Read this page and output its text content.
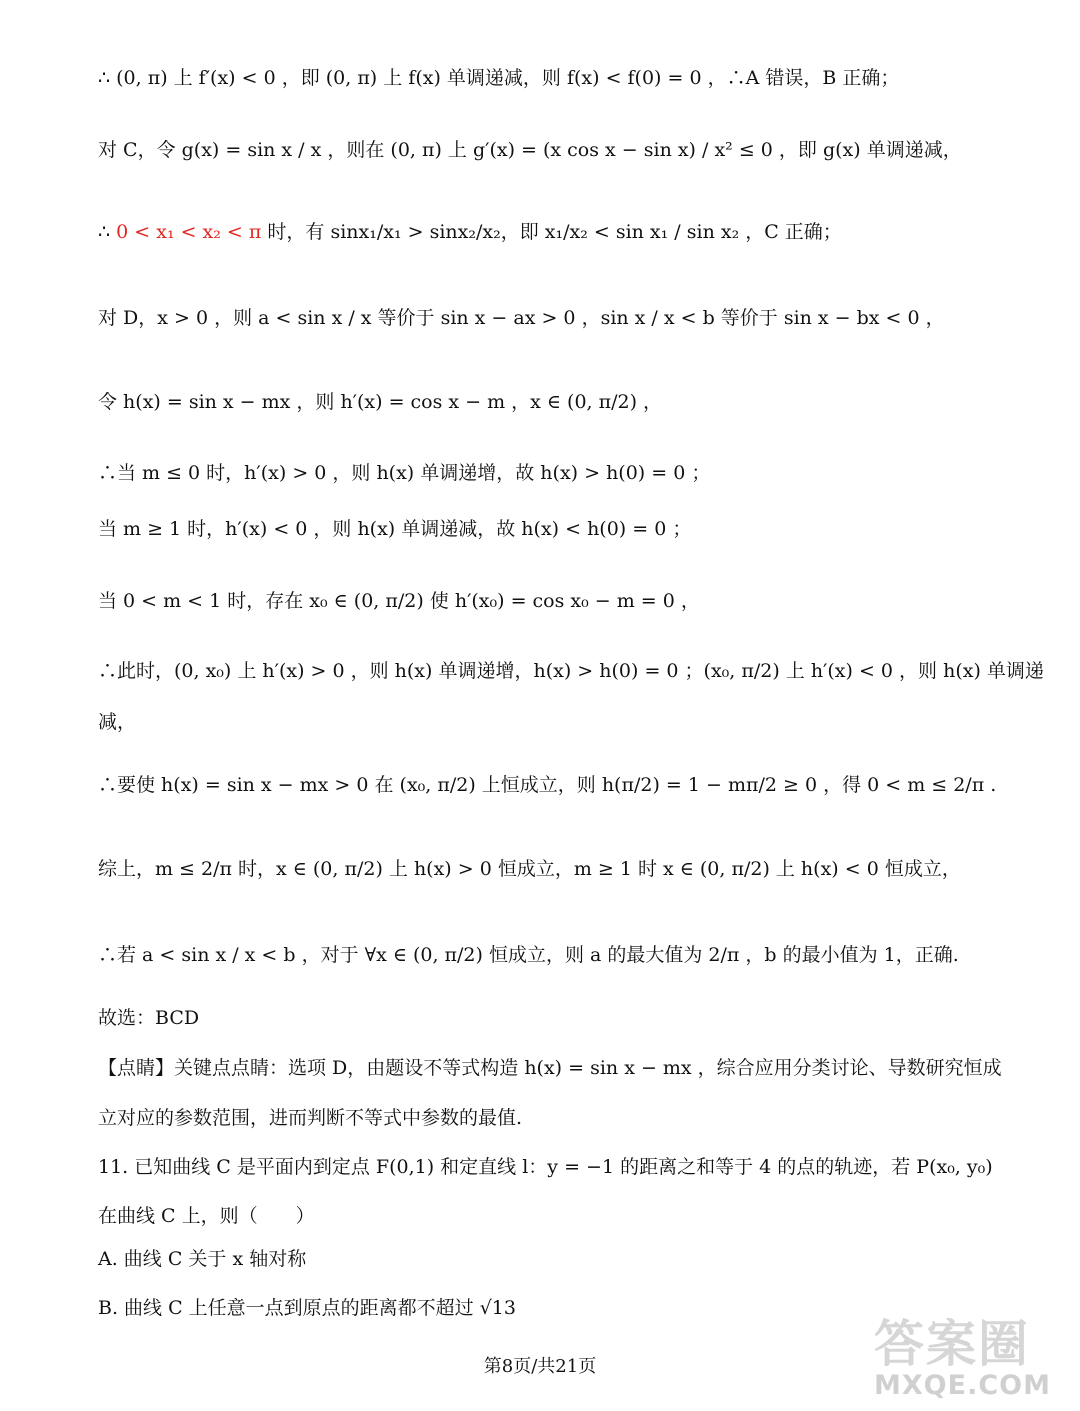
∴ (0, π) 上 f′(x) < 0 ，即 (0, π) 上 f(x) 单调递减，则 f(x) < f(0) = 0 ，∴A 错误，B 正确；
对 C，令 g(x) = sin x / x ，则在 (0, π) 上 g′(x) = (x cos x − sin x) / x² ≤ 0 ，即 g(x) 单调递减，
∴ 0 < x₁ < x₂ < π 时，有 sinx₁/x₁ > sinx₂/x₂，即 x₁/x₂ < sin x₁ / sin x₂ ，C 正确；
对 D，x > 0 ，则 a < sin x / x 等价于 sin x − ax > 0 ，sin x / x < b 等价于 sin x − bx < 0 ，
令 h(x) = sin x − mx ，则 h′(x) = cos x − m ，x ∈ (0, π/2) ，
∴当 m ≤ 0 时，h′(x) > 0 ，则 h(x) 单调递增，故 h(x) > h(0) = 0 ；
当 m ≥ 1 时，h′(x) < 0 ，则 h(x) 单调递减，故 h(x) < h(0) = 0 ；
当 0 < m < 1 时，存在 x₀ ∈ (0, π/2) 使 h′(x₀) = cos x₀ − m = 0 ，
∴此时，(0, x₀) 上 h′(x) > 0 ，则 h(x) 单调递增，h(x) > h(0) = 0 ；(x₀, π/2) 上 h′(x) < 0 ，则 h(x) 单调递
减，
∴要使 h(x) = sin x − mx > 0 在 (x₀, π/2) 上恒成立，则 h(π/2) = 1 − mπ/2 ≥ 0 ，得 0 < m ≤ 2/π .
综上，m ≤ 2/π 时，x ∈ (0, π/2) 上 h(x) > 0 恒成立，m ≥ 1 时 x ∈ (0, π/2) 上 h(x) < 0 恒成立，
∴若 a < sin x / x < b ，对于 ∀x ∈ (0, π/2) 恒成立，则 a 的最大值为 2/π ，b 的最小值为 1，正确.
故选：BCD
【点睛】关键点点睛：选项 D，由题设不等式构造 h(x) = sin x − mx ，综合应用分类讨论、导数研究恒成
立对应的参数范围，进而判断不等式中参数的最值.
11. 已知曲线 C 是平面内到定点 F(0,1) 和定直线 l：y = −1 的距离之和等于 4 的点的轨迹，若 P(x₀, y₀)
在曲线 C 上，则（　　）
A. 曲线 C 关于 x 轴对称
B. 曲线 C 上任意一点到原点的距离都不超过 √13
第8页/共21页	答案圈
MXQE.COM
